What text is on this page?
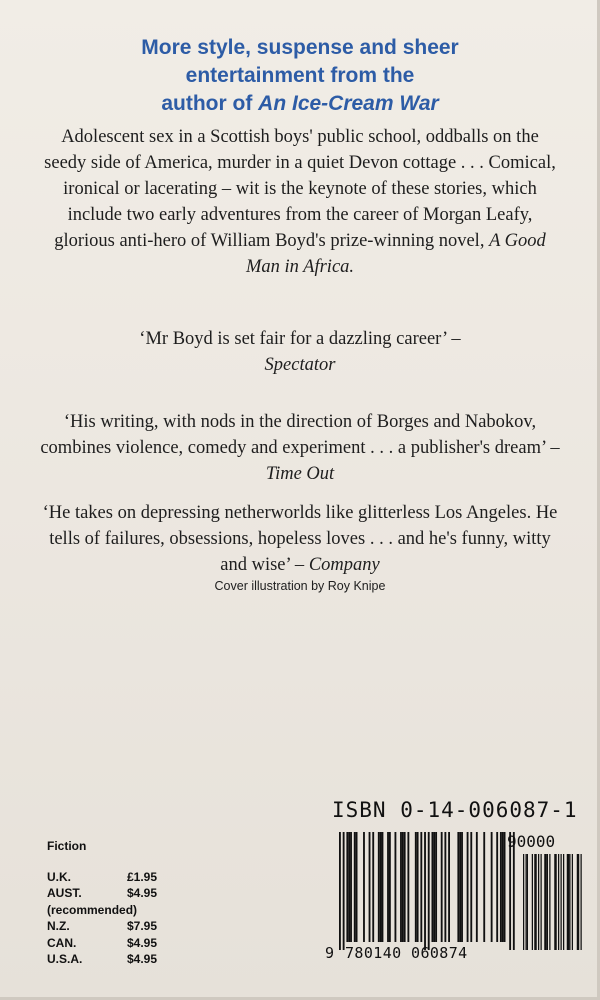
More style, suspense and sheer
entertainment from the
author of An Ice-Cream War

Adolescent sex in a Scottish boys' public school, oddballs on the seedy side of America, murder in a quiet Devon cottage . . . Comical, ironical or lacerating – wit is the keynote of these stories, which include two early adventures from the career of Morgan Leafy, glorious anti-hero of William Boyd's prize-winning novel, A Good Man in Africa.

‘Mr Boyd is set fair for a dazzling career’ –
Spectator

‘His writing, with nods in the direction of Borges and Nabokov, combines violence, comedy and experiment . . . a publisher's dream’ – Time Out

‘He takes on depressing netherworlds like glitterless Los Angeles. He tells of failures, obsessions, hopeless loves . . . and he's funny, witty and wise’ – Company

Cover illustration by Roy Knipe
ISBN 0-14-006087-1
Fiction
U.K.	£1.95
AUST.	$4.95
(recommended)
N.Z.	$7.95
CAN.	$4.95
U.S.A.	$4.95	9 780140 060874
90000
